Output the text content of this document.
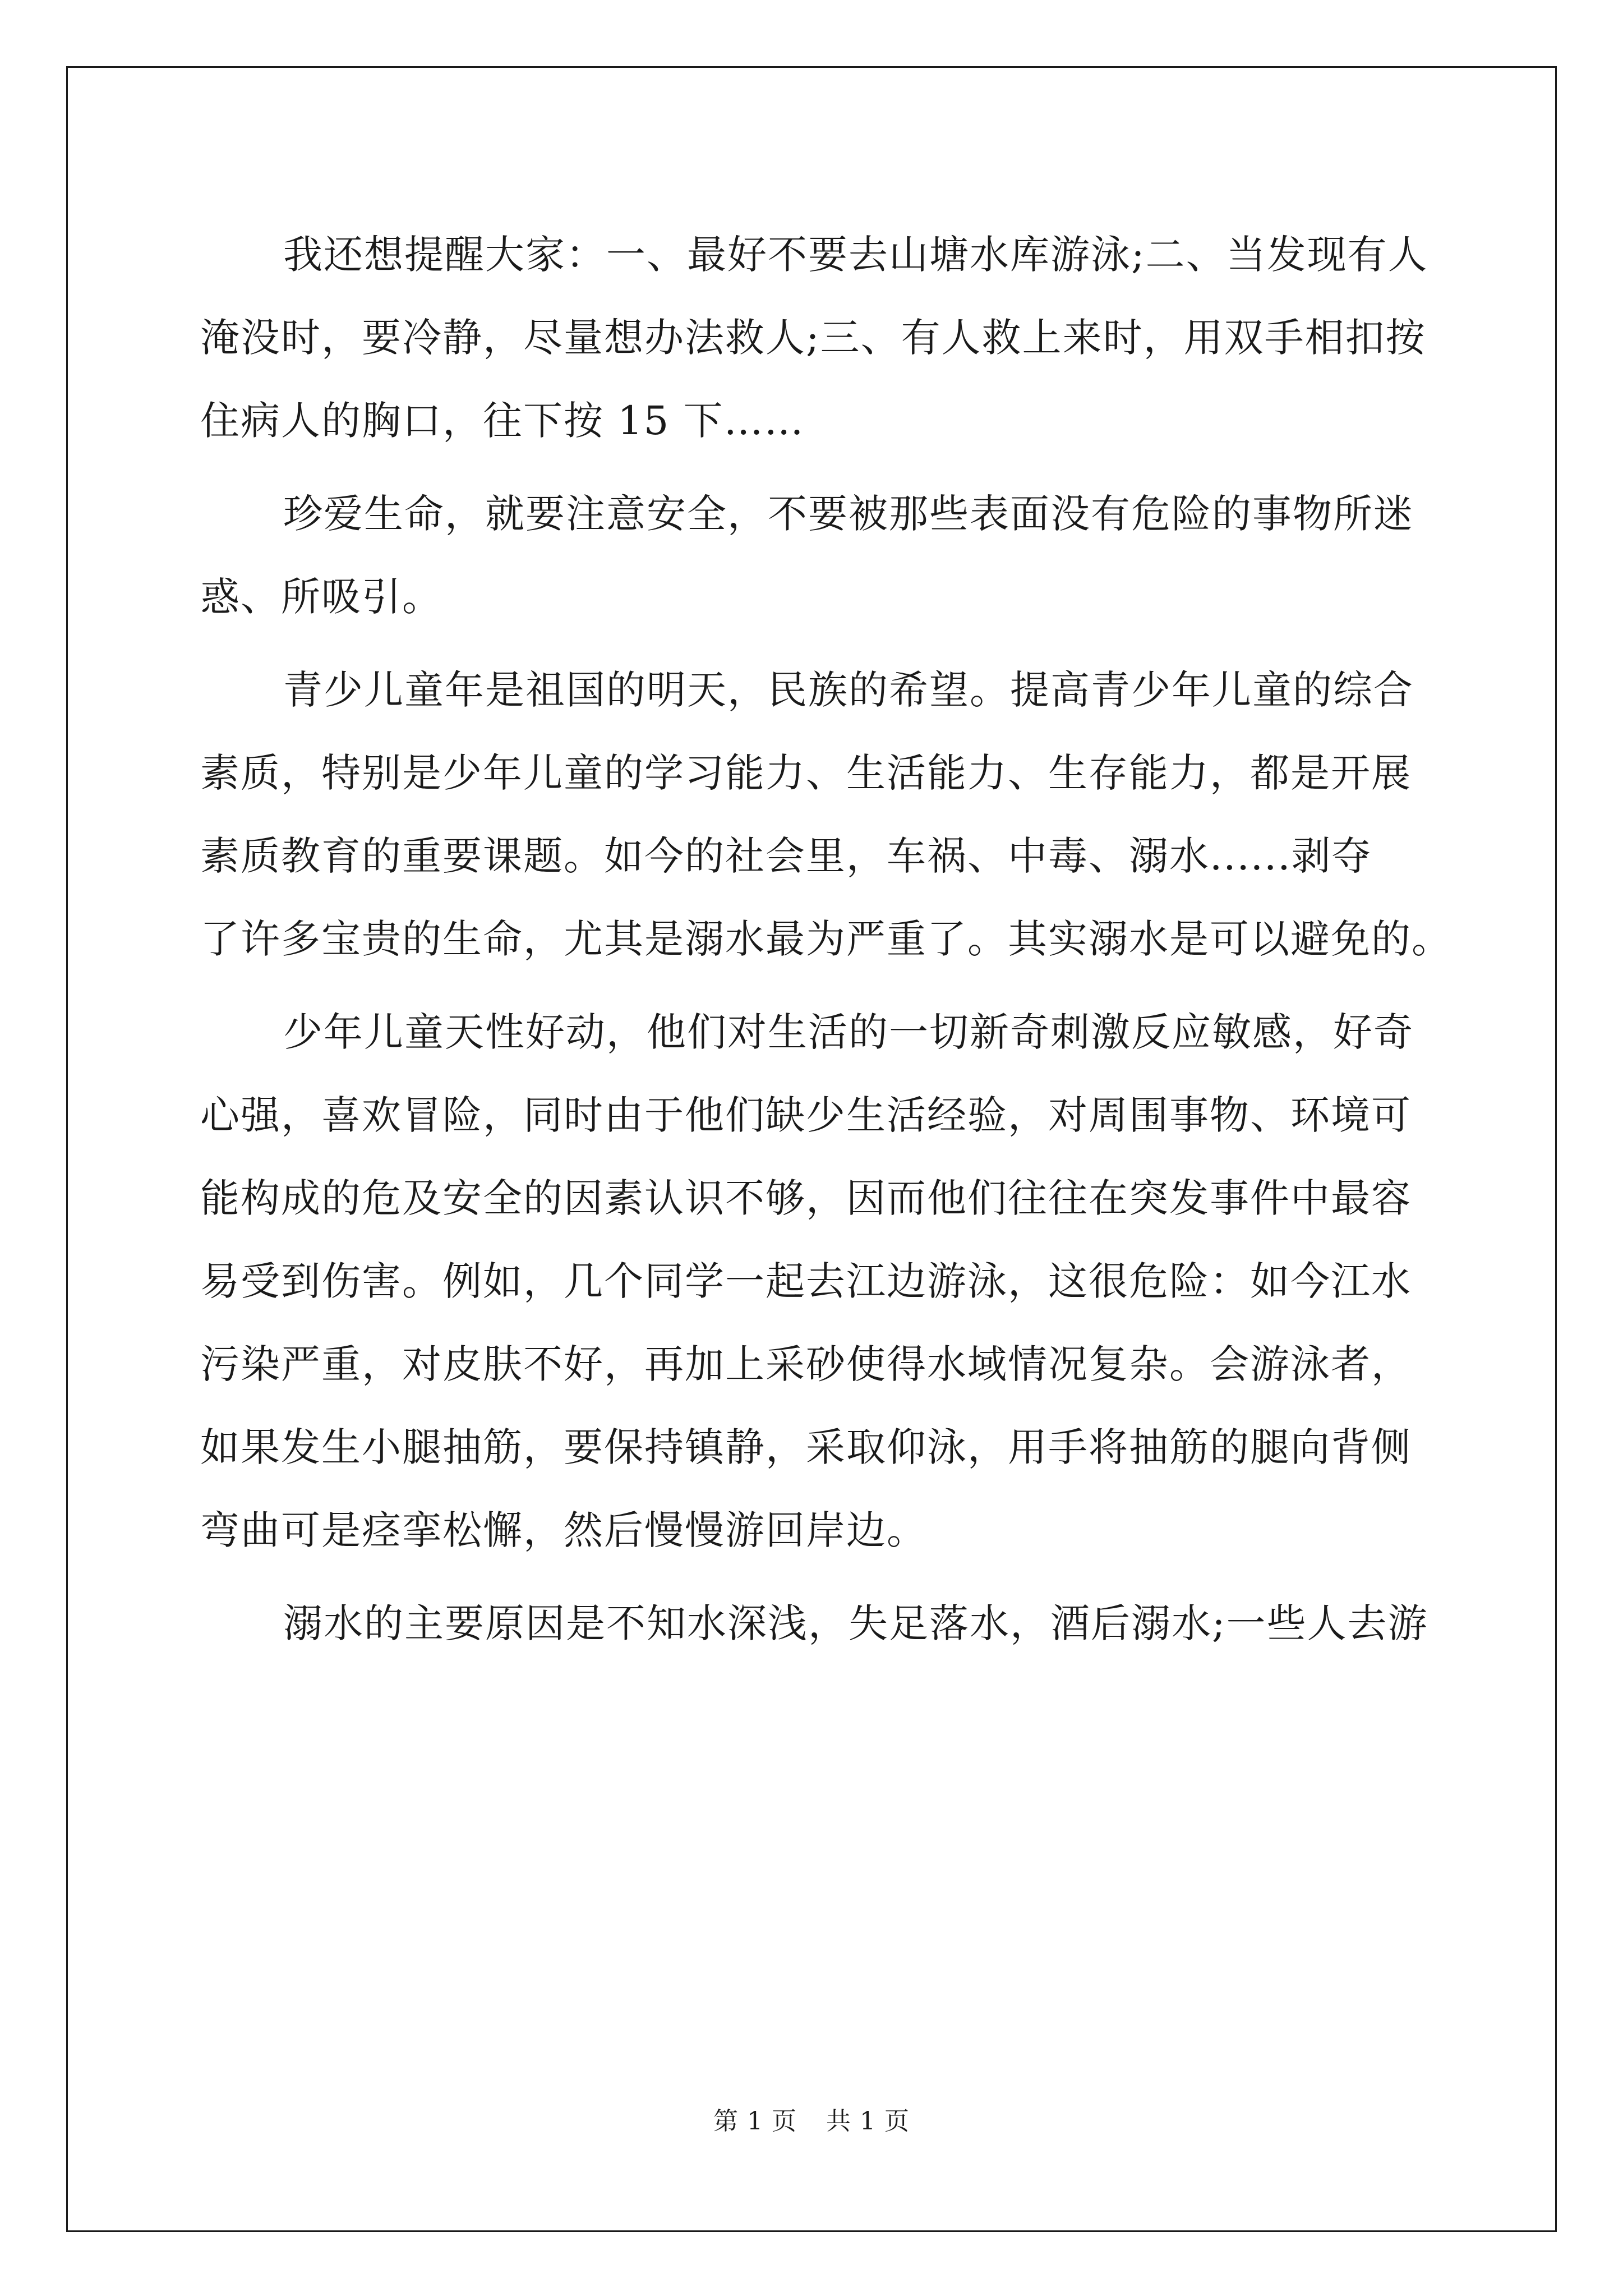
我还想提醒大家：一、最好不要去山塘水库游泳;二、当发现有人
淹没时，要冷静，尽量想办法救人;三、有人救上来时，用双手相扣按
住病人的胸口，往下按 15 下……

珍爱生命，就要注意安全，不要被那些表面没有危险的事物所迷
惑、所吸引。

青少儿童年是祖国的明天，民族的希望。提高青少年儿童的综合
素质，特别是少年儿童的学习能力、生活能力、生存能力，都是开展
素质教育的重要课题。如今的社会里，车祸、中毒、溺水......剥夺
了许多宝贵的生命，尤其是溺水最为严重了。其实溺水是可以避免的。

少年儿童天性好动，他们对生活的一切新奇刺激反应敏感，好奇
心强，喜欢冒险，同时由于他们缺少生活经验，对周围事物、环境可
能构成的危及安全的因素认识不够，因而他们往往在突发事件中最容
易受到伤害。例如，几个同学一起去江边游泳，这很危险：如今江水
污染严重，对皮肤不好，再加上采砂使得水域情况复杂。会游泳者，
如果发生小腿抽筋，要保持镇静，采取仰泳，用手将抽筋的腿向背侧
弯曲可是痉挛松懈，然后慢慢游回岸边。

溺水的主要原因是不知水深浅，失足落水，酒后溺水;一些人去游

第 1 页 共 1 页
